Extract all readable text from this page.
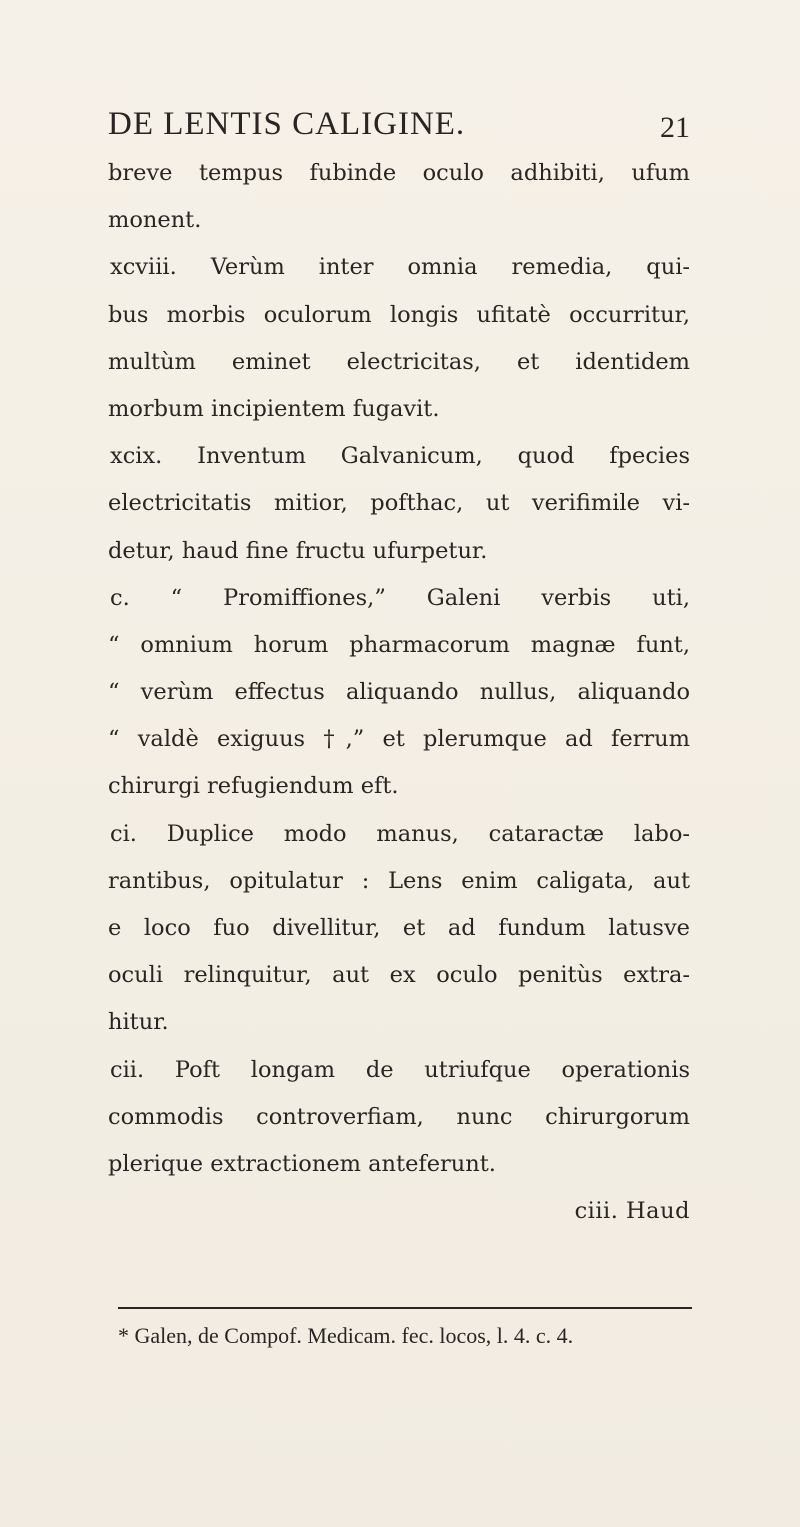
DE LENTIS CALIGINE.	21
breve tempus fubinde oculo adhibiti, ufum
monent.
xcviii. Verùm inter omnia remedia, qui-
bus morbis oculorum longis ufitatè occurritur,
multùm eminet electricitas, et identidem
morbum incipientem fugavit.
xcix. Inventum Galvanicum, quod fpecies
electricitatis mitior, pofthac, ut verifimile vi-
detur, haud fine fructu ufurpetur.
c. “ Promiffiones,” Galeni verbis uti,
“ omnium horum pharmacorum magnæ funt,
“ verùm effectus aliquando nullus, aliquando
“ valdè exiguus †,” et plerumque ad ferrum
chirurgi refugiendum eft.
ci. Duplice modo manus, cataractæ labo-
rantibus, opitulatur : Lens enim caligata, aut
e loco fuo divellitur, et ad fundum latusve
oculi relinquitur, aut ex oculo penitùs extra-
hitur.
cii. Poft longam de utriufque operationis
commodis controverfiam, nunc chirurgorum
plerique extractionem anteferunt.
ciii. Haud
* Galen, de Compof. Medicam. fec. locos, l. 4. c. 4.
